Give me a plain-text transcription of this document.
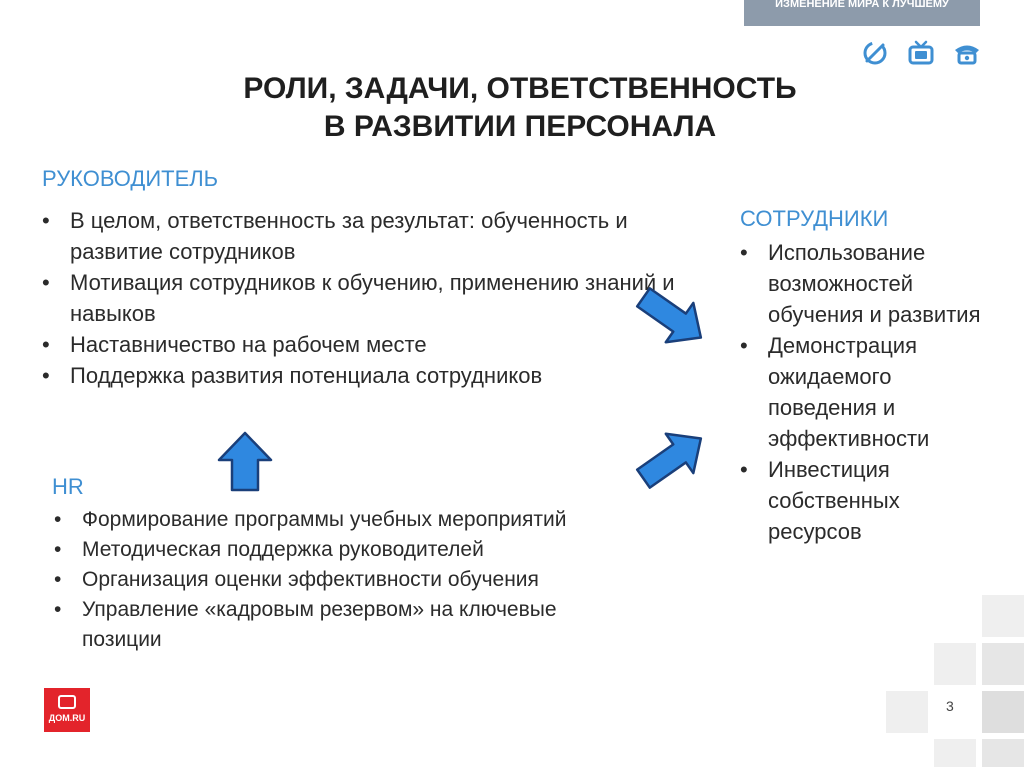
ИЗМЕНЕНИЕ МИРА К ЛУЧШЕМУ
РОЛИ, ЗАДАЧИ, ОТВЕТСТВЕННОСТЬ
В РАЗВИТИИ ПЕРСОНАЛА
РУКОВОДИТЕЛЬ
• В целом, ответственность за результат: обученность и развитие сотрудников
• Мотивация сотрудников к обучению, применению знаний и навыков
• Наставничество на рабочем месте
• Поддержка развития потенциала сотрудников
СОТРУДНИКИ
• Использование возможностей обучения и развития
• Демонстрация ожидаемого поведения и эффективности
• Инвестиция собственных ресурсов
HR
• Формирование программы учебных мероприятий
• Методическая поддержка руководителей
• Организация оценки эффективности обучения
• Управление «кадровым резервом» на ключевые позиции
3
ДОМ.RU
